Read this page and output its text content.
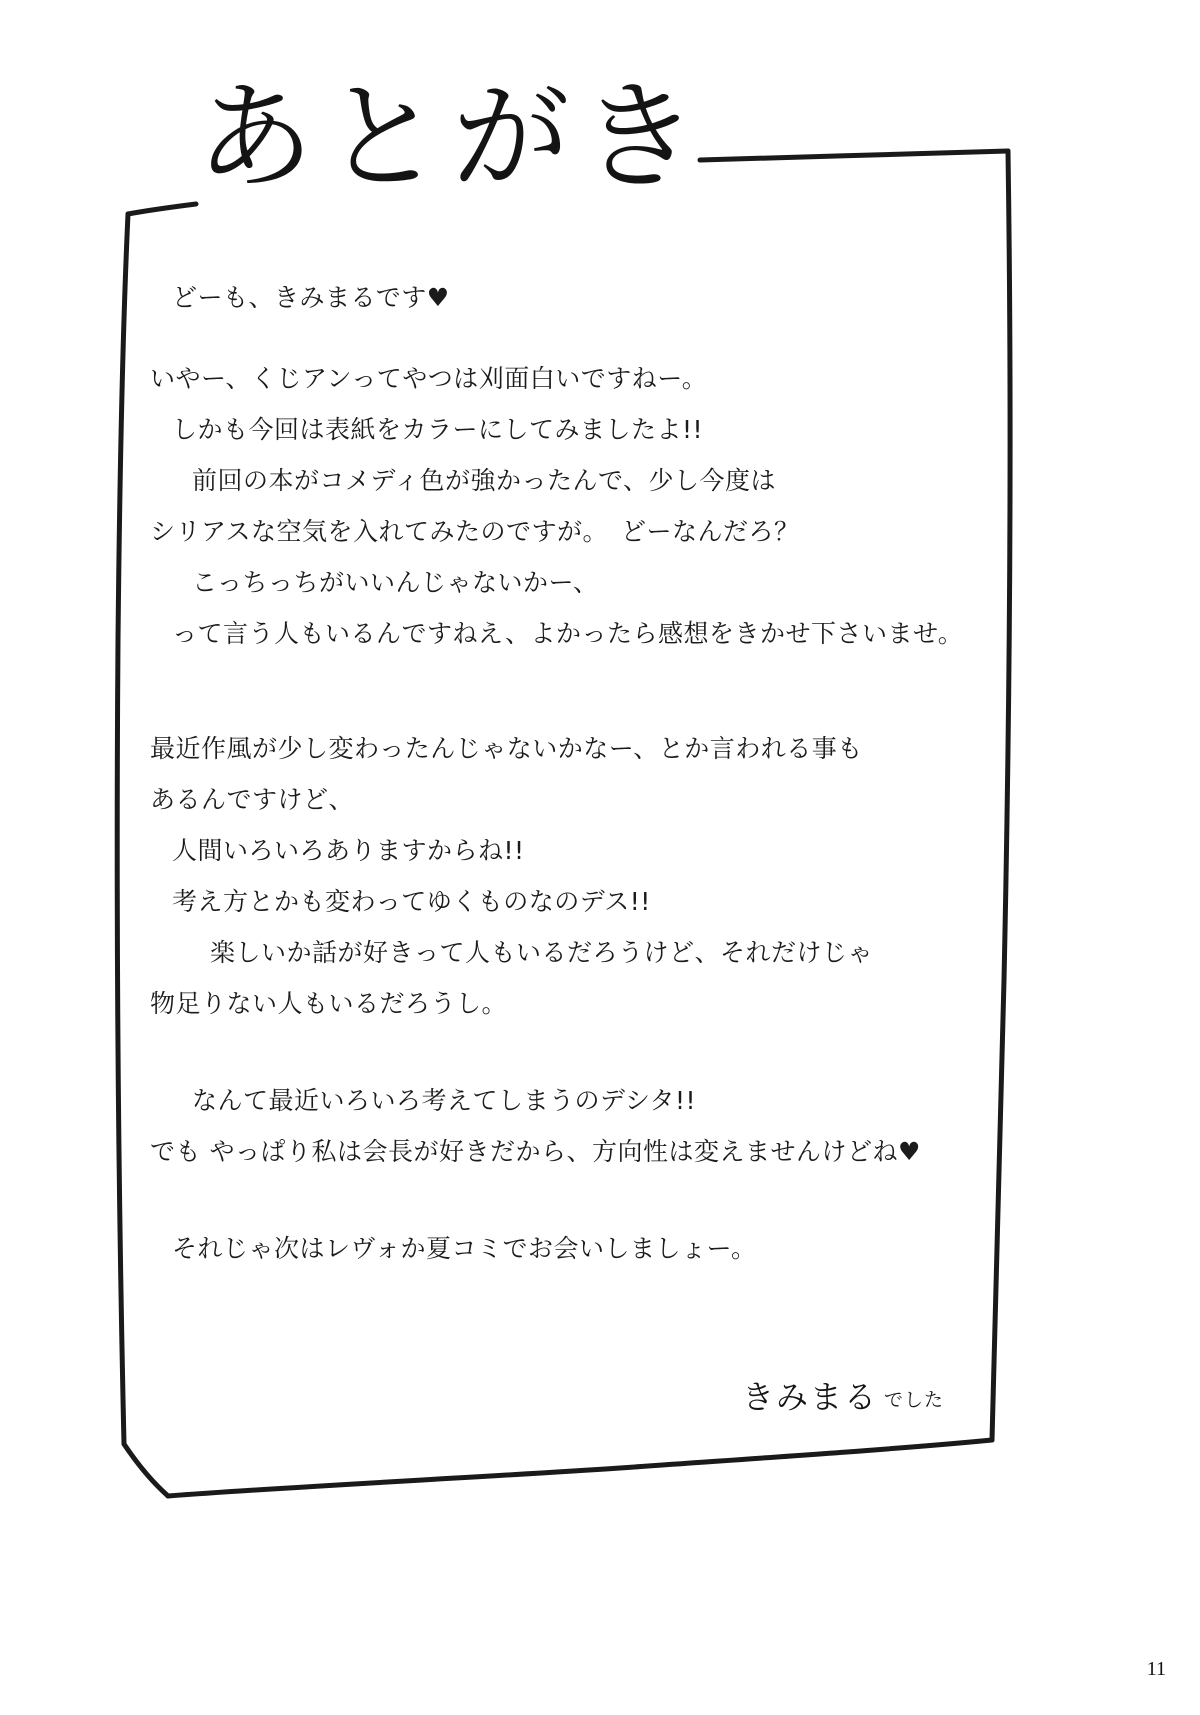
あとがき
どーも、きみまるです♥
いやー、くじアンってやつは刈面白いですねー。
しかも今回は表紙をカラーにしてみましたよ!!
前回の本がコメディ色が強かったんで、少し今度は
シリアスな空気を入れてみたのですが。　どーなんだろ？
こっちっちがいいんじゃないかー、
って言う人もいるんですねえ、よかったら感想をきかせ下さいませ。
最近作風が少し変わったんじゃないかなー、とか言われる事も
あるんですけど、
人間いろいろありますからね!!
考え方とかも変わってゆくものなのデス!!
楽しいか話が好きって人もいるだろうけど、それだけじゃ
物足りない人もいるだろうし。
なんて最近いろいろ考えてしまうのデシタ!!
でも やっぱり私は会長が好きだから、方向性は変えませんけどね♥
それじゃ次はレヴォか夏コミでお会いしましょー。
きみまる でした
11
